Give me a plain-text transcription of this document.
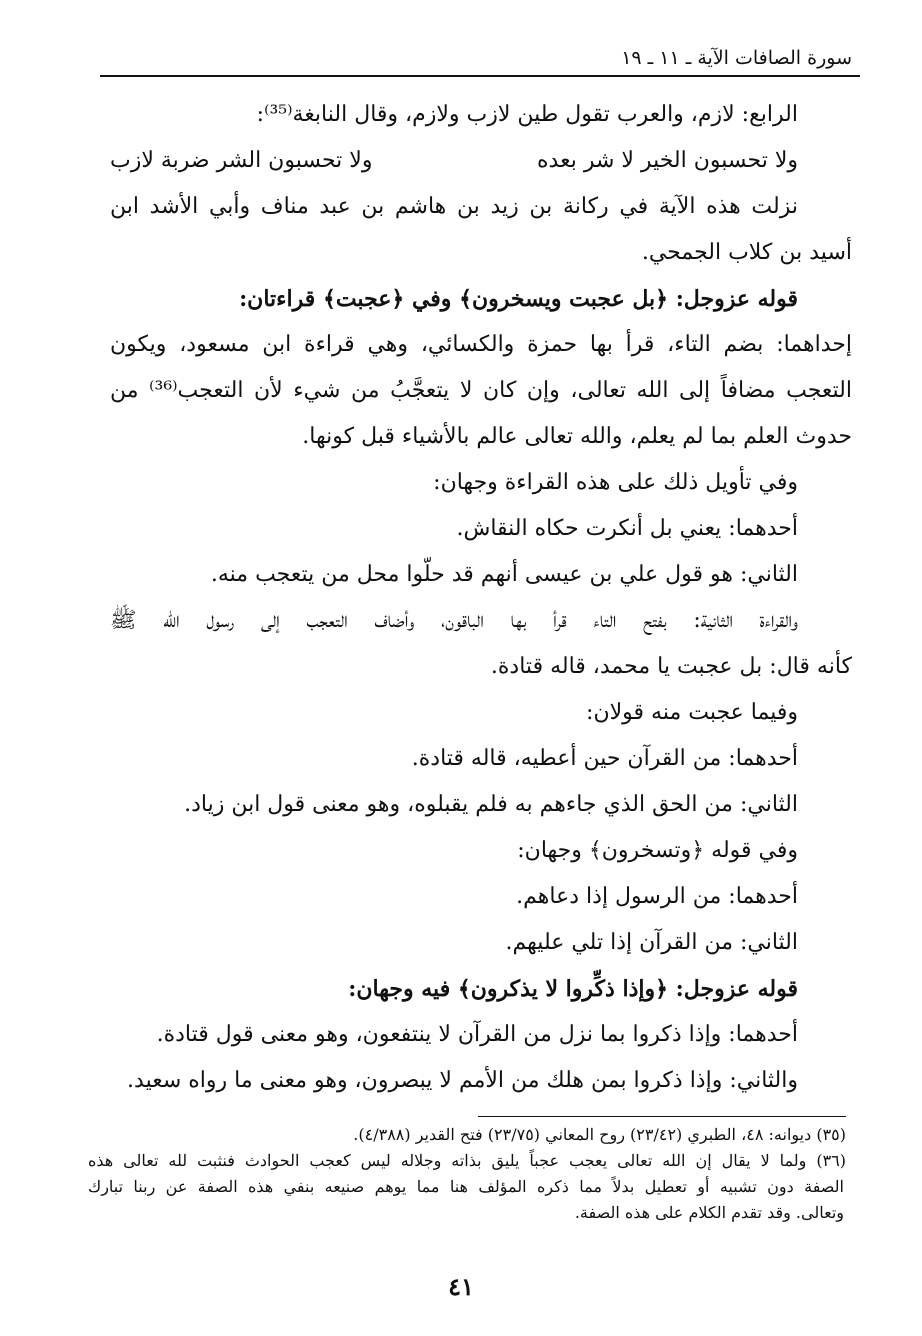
سورة الصافات الآية ـ ١١ ـ ١٩
الرابع: لازم، والعرب تقول طين لازب ولازم، وقال النابغة⁽³⁵⁾:
ولا تحسبون الخير لا شر بعده
ولا تحسبون الشر ضربة لازب
نزلت هذه الآية في ركانة بن زيد بن هاشم بن عبد مناف وأبي الأشد ابن
أسيد بن كلاب الجمحي.
قوله عزوجل: ﴿بل عجبت ويسخرون﴾ وفي ﴿عجبت﴾ قراءتان:
إحداهما: بضم التاء، قرأ بها حمزة والكسائي، وهي قراءة ابن مسعود، ويكون
التعجب مضافاً إلى الله تعالى، وإن كان لا يتعجَّبُ من شيء لأن التعجب⁽³⁶⁾ من
حدوث العلم بما لم يعلم، والله تعالى عالم بالأشياء قبل كونها.
وفي تأويل ذلك على هذه القراءة وجهان:
أحدهما: يعني بل أنكرت حكاه النقاش.
الثاني: هو قول علي بن عيسى أنهم قد حلّوا محل من يتعجب منه.
والقراءة الثانية: بفتح التاء قرأ بها الباقون، وأضاف التعجب إلى رسول الله ﷺ
كأنه قال: بل عجبت يا محمد، قاله قتادة.
وفيما عجبت منه قولان:
أحدهما: من القرآن حين أعطيه، قاله قتادة.
الثاني: من الحق الذي جاءهم به فلم يقبلوه، وهو معنى قول ابن زياد.
وفي قوله ﴿وتسخرون﴾ وجهان:
أحدهما: من الرسول إذا دعاهم.
الثاني: من القرآن إذا تلي عليهم.
قوله عزوجل: ﴿وإذا ذكِّروا لا يذكرون﴾ فيه وجهان:
أحدهما: وإذا ذكروا بما نزل من القرآن لا ينتفعون، وهو معنى قول قتادة.
والثاني: وإذا ذكروا بمن هلك من الأمم لا يبصرون، وهو معنى ما رواه سعيد.
(٣٥) ديوانه: ٤٨، الطبري (٢٣/٤٢) روح المعاني (٢٣/٧٥) فتح القدير (٤/٣٨٨).
(٣٦) ولما لا يقال إن الله تعالى يعجب عجباً يليق بذاته وجلاله ليس كعجب الحوادث فنثبت لله تعالى هذه
الصفة دون تشبيه أو تعطيل بدلاً مما ذكره المؤلف هنا مما يوهم صنيعه بنفي هذه الصفة عن ربنا تبارك
وتعالى. وقد تقدم الكلام على هذه الصفة.
٤١
